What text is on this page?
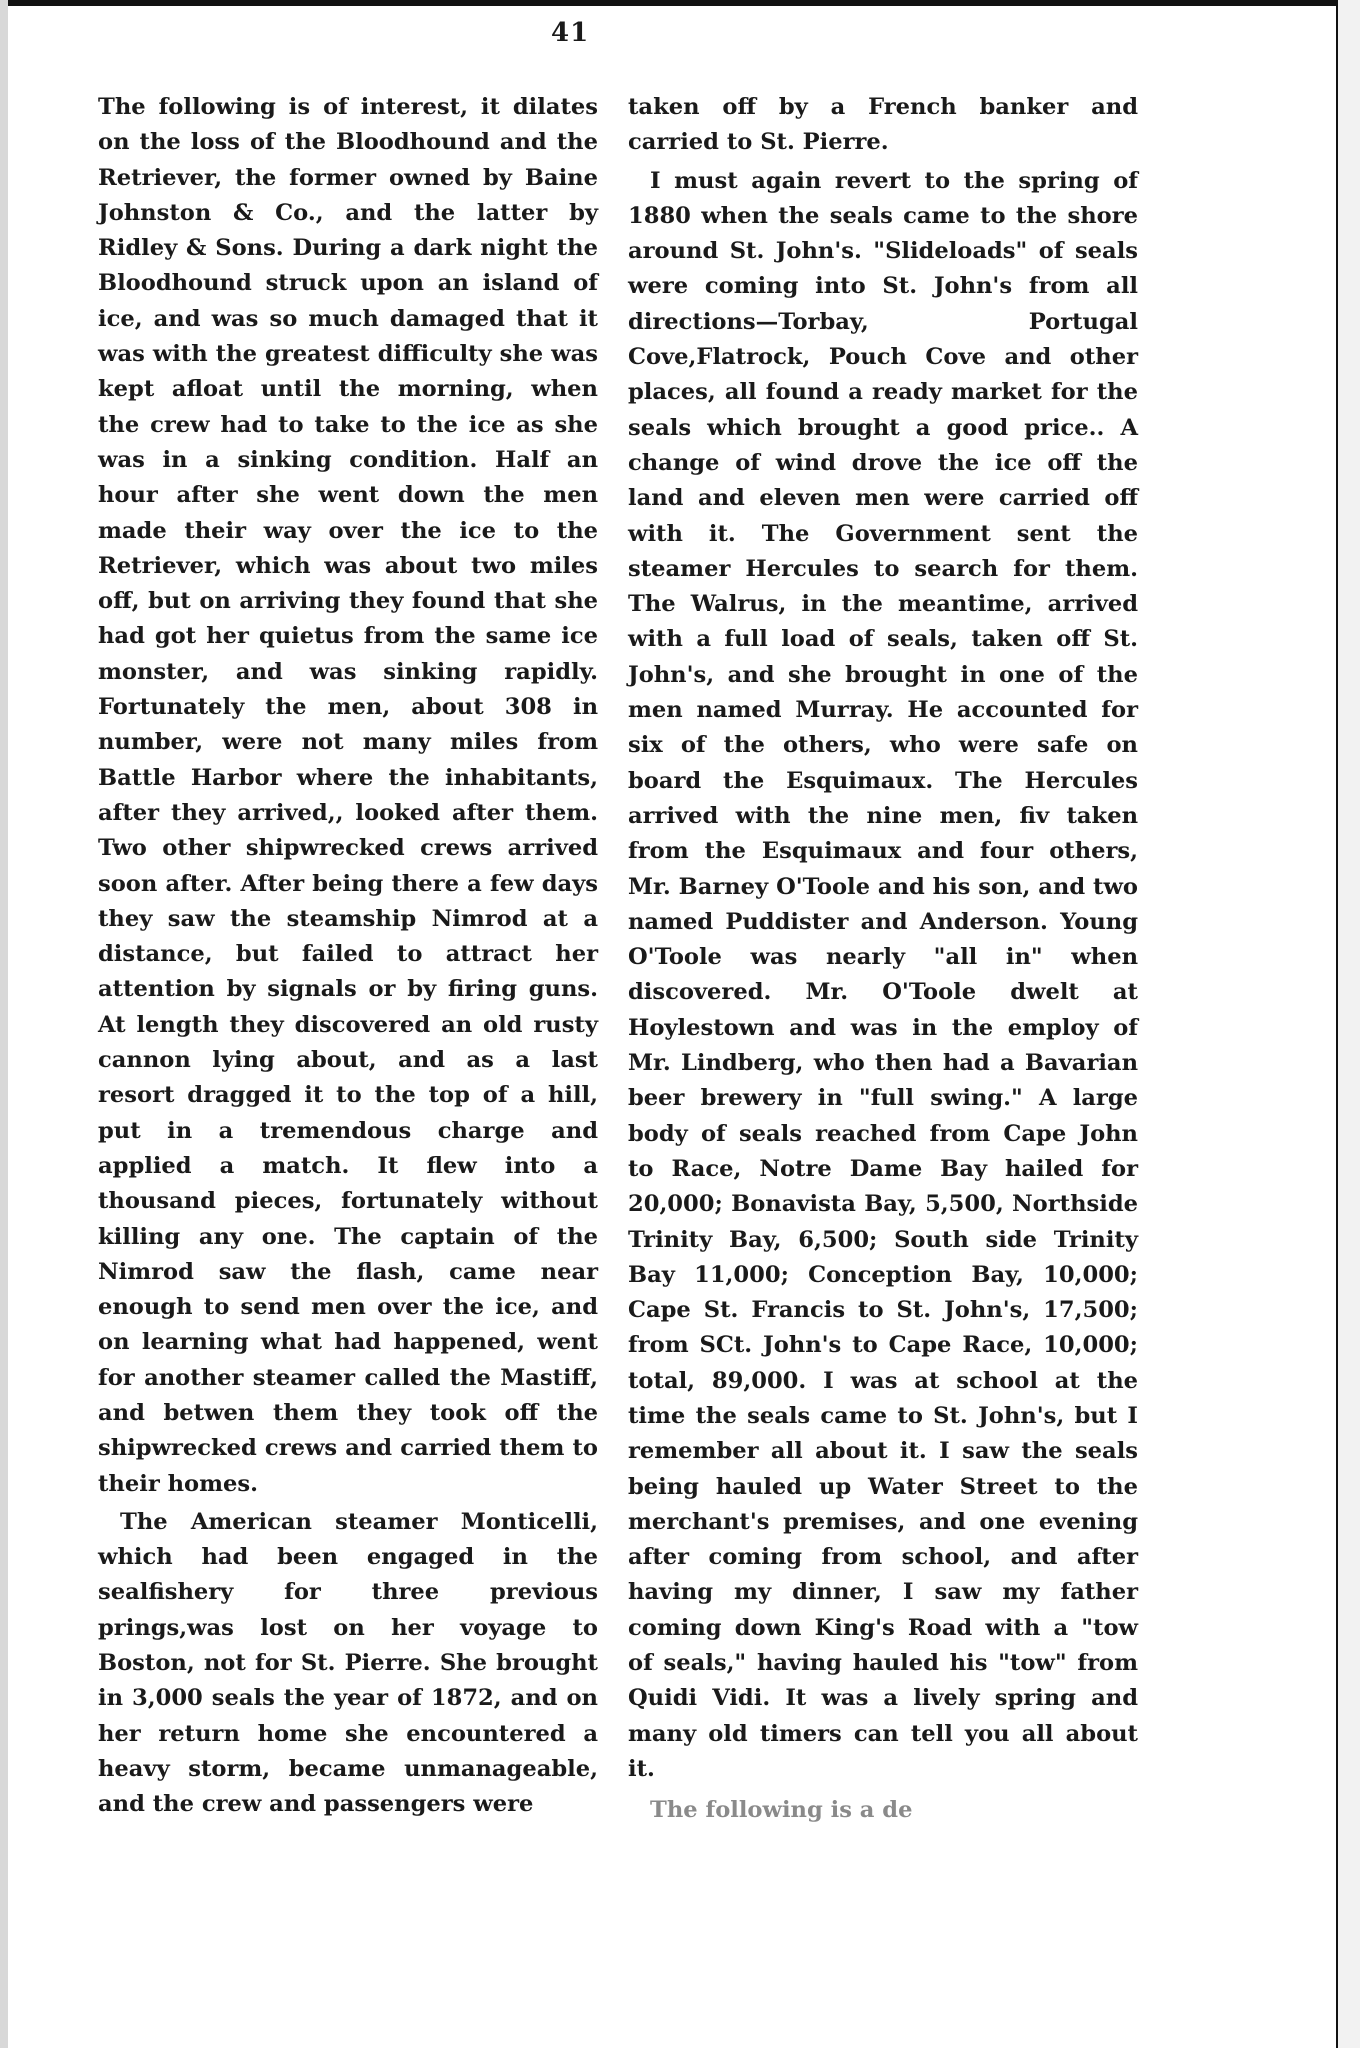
41

The following is of interest, it dilates on the loss of the Bloodhound and the Retriever, the former owned by Baine Johnston & Co., and the latter by Ridley & Sons. During a dark night the Bloodhound struck upon an island of ice, and was so much damaged that it was with the greatest difficulty she was kept afloat until the morning, when the crew had to take to the ice as she was in a sinking condition. Half an hour after she went down the men made their way over the ice to the Retriever, which was about two miles off, but on arriving they found that she had got her quietus from the same ice monster, and was sinking rapidly. Fortunately the men, about 308 in number, were not many miles from Battle Harbor where the inhabitants, after they arrived,, looked after them. Two other shipwrecked crews arrived soon after. After being there a few days they saw the steamship Nimrod at a distance, but failed to attract her attention by signals or by firing guns. At length they discovered an old rusty cannon lying about, and as a last resort dragged it to the top of a hill, put in a tremendous charge and applied a match. It flew into a thousand pieces, fortunately without killing any one. The captain of the Nimrod saw the flash, came near enough to send men over the ice, and on learning what had happened, went for another steamer called the Mastiff, and betwen them they took off the shipwrecked crews and carried them to their homes.

The American steamer Monticelli, which had been engaged in the sealfishery for three previous prings,was lost on her voyage to Boston, not for St. Pierre. She brought in 3,000 seals the year of 1872, and on her return home she encountered a heavy storm, became unmanageable, and the crew and passengers were

taken off by a French banker and carried to St. Pierre.

I must again revert to the spring of 1880 when the seals came to the shore around St. John's. "Slideloads" of seals were coming into St. John's from all directions—Torbay, Portugal Cove,Flatrock, Pouch Cove and other places, all found a ready market for the seals which brought a good price.. A change of wind drove the ice off the land and eleven men were carried off with it. The Government sent the steamer Hercules to search for them. The Walrus, in the meantime, arrived with a full load of seals, taken off St. John's, and she brought in one of the men named Murray. He accounted for six of the others, who were safe on board the Esquimaux. The Hercules arrived with the nine men, fiv taken from the Esquimaux and four others, Mr. Barney O'Toole and his son, and two named Puddister and Anderson. Young O'Toole was nearly "all in" when discovered. Mr. O'Toole dwelt at Hoylestown and was in the employ of Mr. Lindberg, who then had a Bavarian beer brewery in "full swing." A large body of seals reached from Cape John to Race, Notre Dame Bay hailed for 20,000; Bonavista Bay, 5,500, Northside Trinity Bay, 6,500; South side Trinity Bay 11,000; Conception Bay, 10,000; Cape St. Francis to St. John's, 17,500; from SCt. John's to Cape Race, 10,000; total, 89,000. I was at school at the time the seals came to St. John's, but I remember all about it. I saw the seals being hauled up Water Street to the merchant's premises, and one evening after coming from school, and after having my dinner, I saw my father coming down King's Road with a "tow of seals," having hauled his "tow" from Quidi Vidi. It was a lively spring and many old timers can tell you all about it.

The following is a de
